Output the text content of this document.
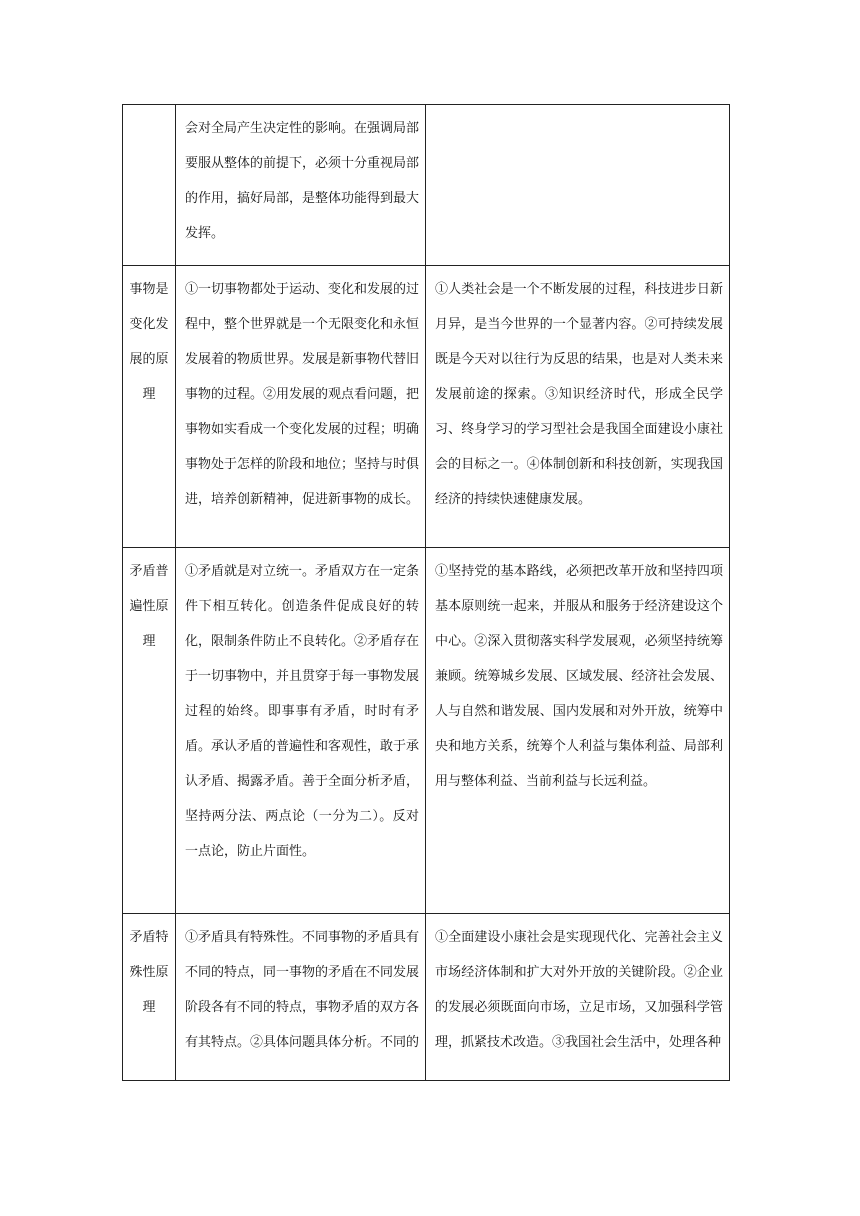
	会对全局产生决定性的影响。在强调局部要服从整体的前提下，必须十分重视局部的作用，搞好局部，是整体功能得到最大发挥。	

事物是变化发展的原理	①一切事物都处于运动、变化和发展的过程中，整个世界就是一个无限变化和永恒发展着的物质世界。发展是新事物代替旧事物的过程。②用发展的观点看问题，把事物如实看成一个变化发展的过程；明确事物处于怎样的阶段和地位；坚持与时俱进，培养创新精神，促进新事物的成长。	①人类社会是一个不断发展的过程，科技进步日新月异，是当今世界的一个显著内容。②可持续发展既是今天对以往行为反思的结果，也是对人类未来发展前途的探索。③知识经济时代，形成全民学习、终身学习的学习型社会是我国全面建设小康社会的目标之一。④体制创新和科技创新，实现我国经济的持续快速健康发展。

矛盾普遍性原理	①矛盾就是对立统一。矛盾双方在一定条件下相互转化。创造条件促成良好的转化，限制条件防止不良转化。②矛盾存在于一切事物中，并且贯穿于每一事物发展过程的始终。即事事有矛盾，时时有矛盾。承认矛盾的普遍性和客观性，敢于承认矛盾、揭露矛盾。善于全面分析矛盾，坚持两分法、两点论（一分为二）。反对一点论，防止片面性。	①坚持党的基本路线，必须把改革开放和坚持四项基本原则统一起来，并服从和服务于经济建设这个中心。②深入贯彻落实科学发展观，必须坚持统筹兼顾。统筹城乡发展、区域发展、经济社会发展、人与自然和谐发展、国内发展和对外开放，统筹中央和地方关系，统筹个人利益与集体利益、局部利用与整体利益、当前利益与长远利益。

矛盾特殊性原理	①矛盾具有特殊性。不同事物的矛盾具有不同的特点，同一事物的矛盾在不同发展阶段各有不同的特点，事物矛盾的双方各有其特点。②具体问题具体分析。不同的	①全面建设小康社会是实现现代化、完善社会主义市场经济体制和扩大对外开放的关键阶段。②企业的发展必须既面向市场，立足市场，又加强科学管理，抓紧技术改造。③我国社会生活中，处理各种
